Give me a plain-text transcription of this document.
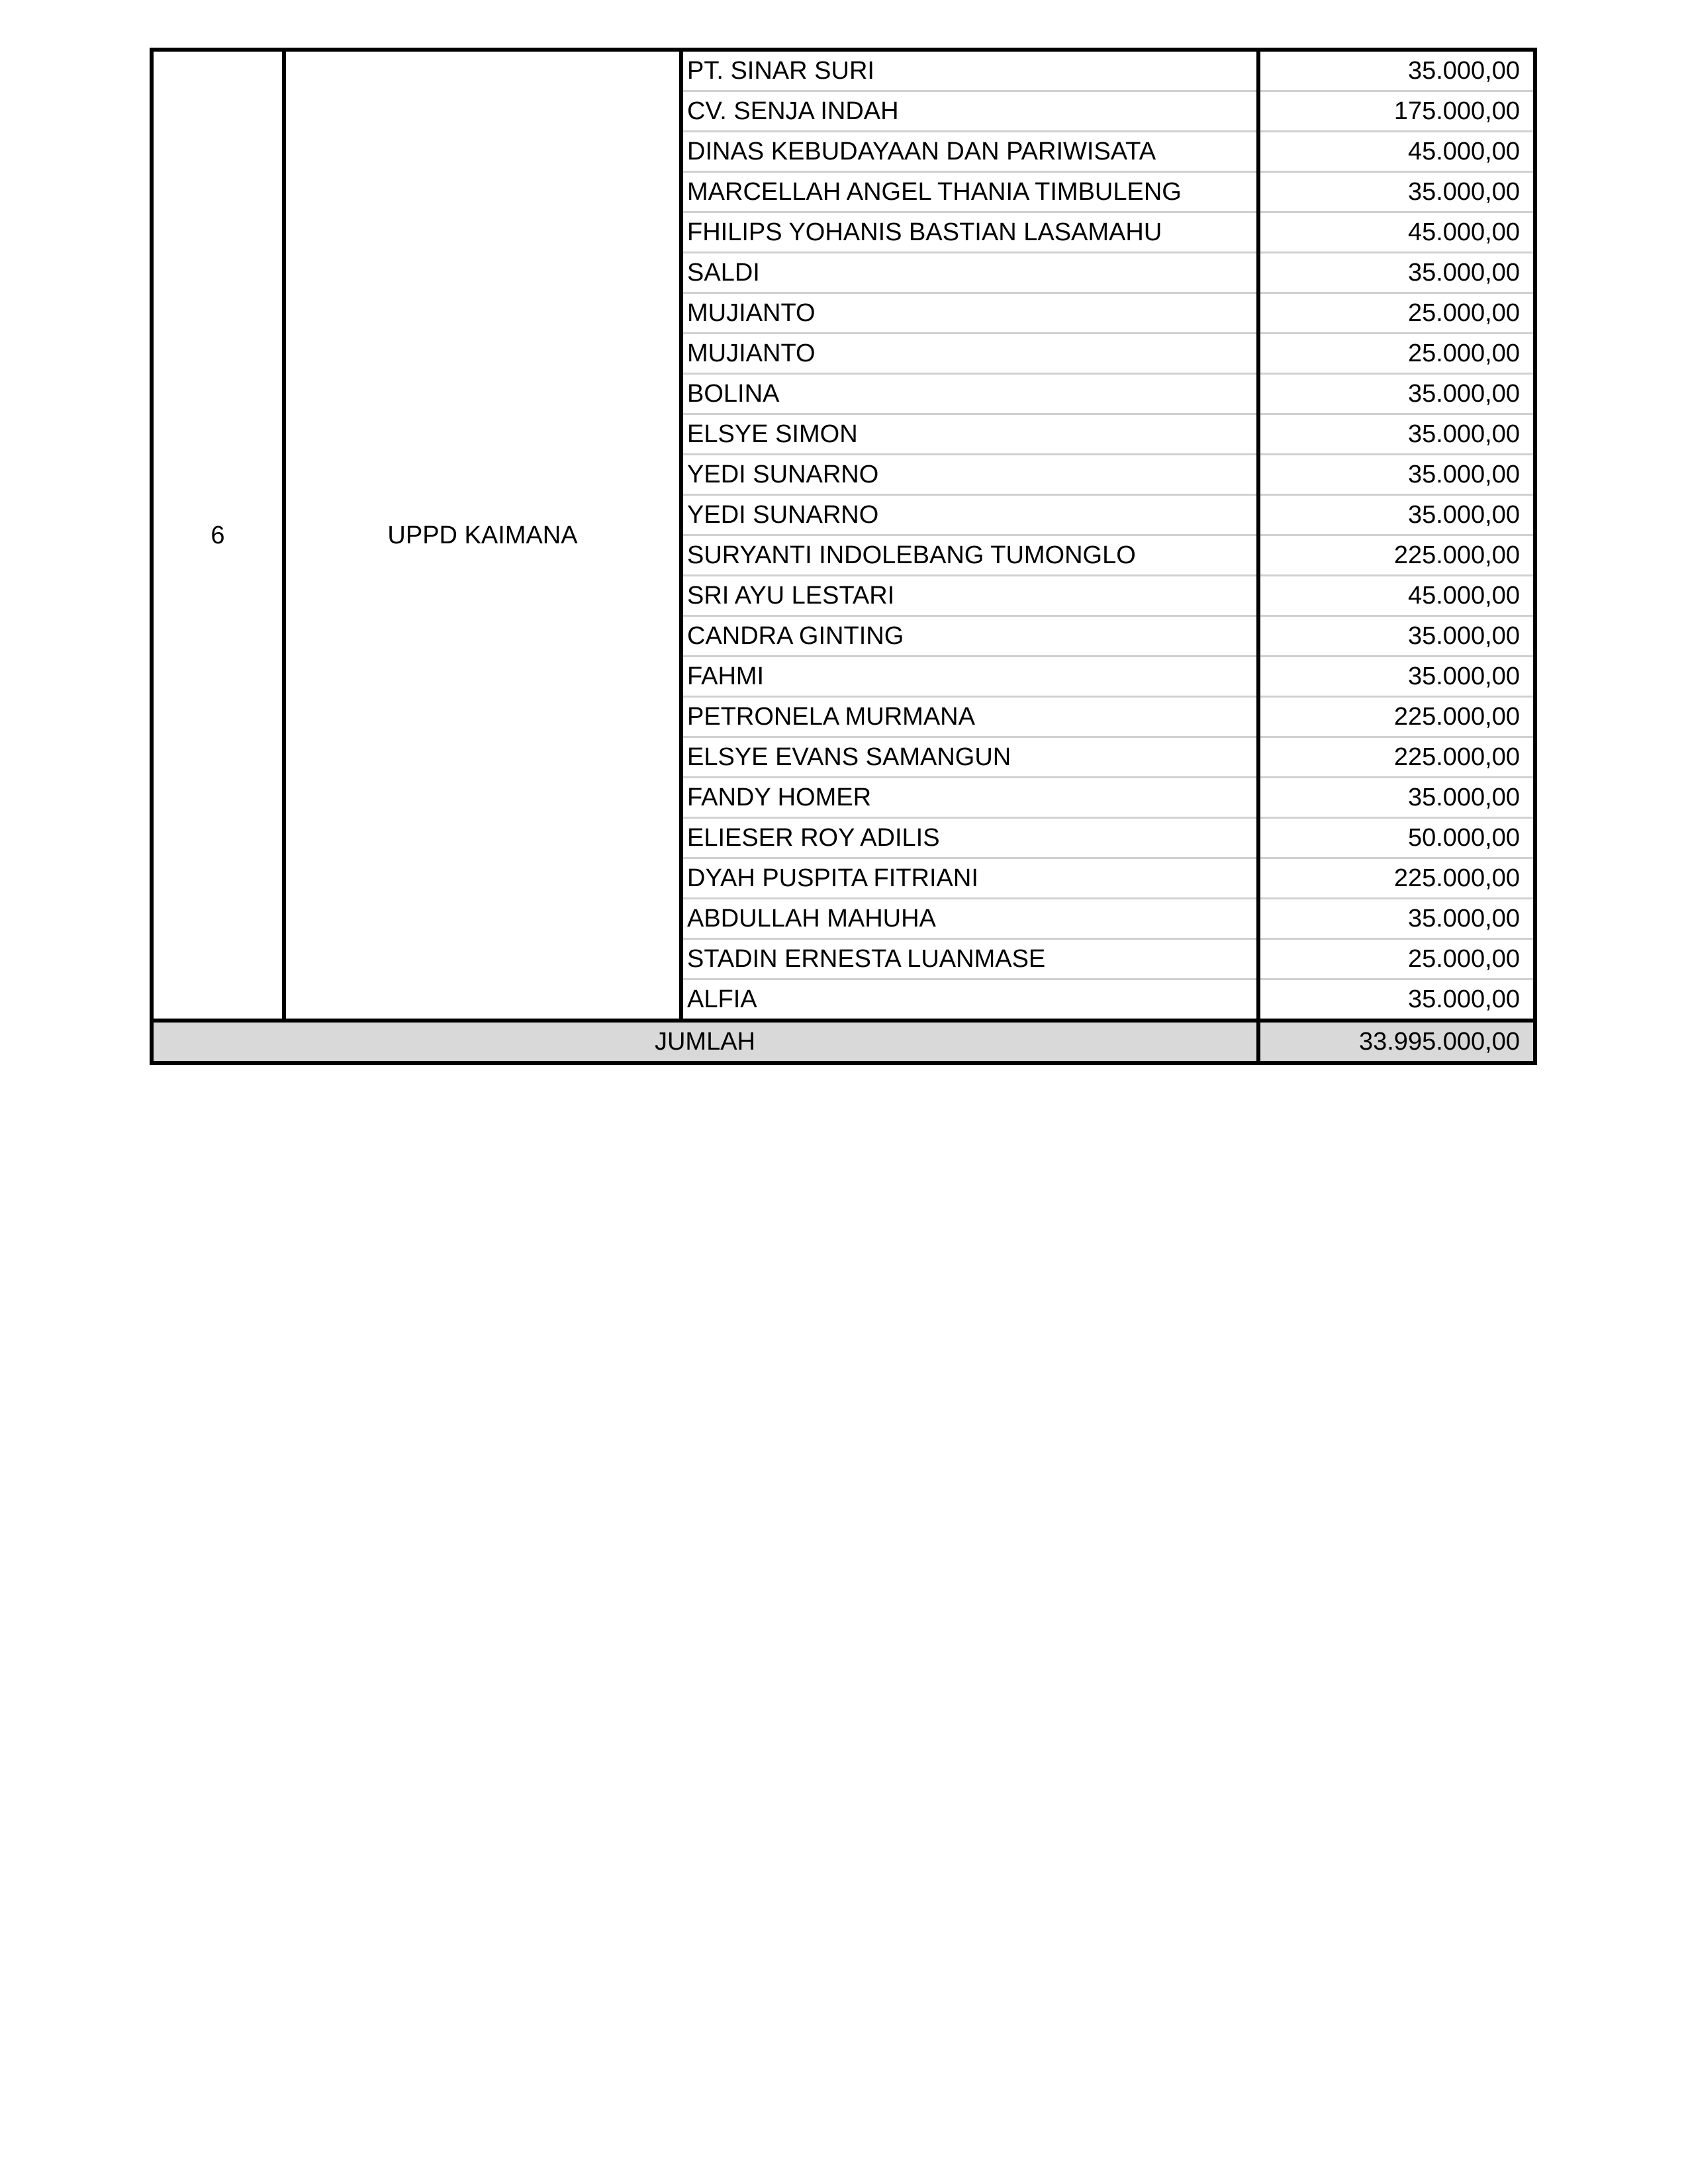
6	UPPD KAIMANA	PT. SINAR SURI	35.000,00
		CV. SENJA INDAH	175.000,00
		DINAS KEBUDAYAAN DAN PARIWISATA	45.000,00
		MARCELLAH ANGEL THANIA TIMBULENG	35.000,00
		FHILIPS YOHANIS BASTIAN LASAMAHU	45.000,00
		SALDI	35.000,00
		MUJIANTO	25.000,00
		MUJIANTO	25.000,00
		BOLINA	35.000,00
		ELSYE SIMON	35.000,00
		YEDI SUNARNO	35.000,00
		YEDI SUNARNO	35.000,00
		SURYANTI INDOLEBANG TUMONGLO	225.000,00
		SRI AYU LESTARI	45.000,00
		CANDRA GINTING	35.000,00
		FAHMI	35.000,00
		PETRONELA MURMANA	225.000,00
		ELSYE EVANS SAMANGUN	225.000,00
		FANDY HOMER	35.000,00
		ELIESER ROY ADILIS	50.000,00
		DYAH PUSPITA FITRIANI	225.000,00
		ABDULLAH MAHUHA	35.000,00
		STADIN ERNESTA LUANMASE	25.000,00
		ALFIA	35.000,00
JUMLAH			33.995.000,00
